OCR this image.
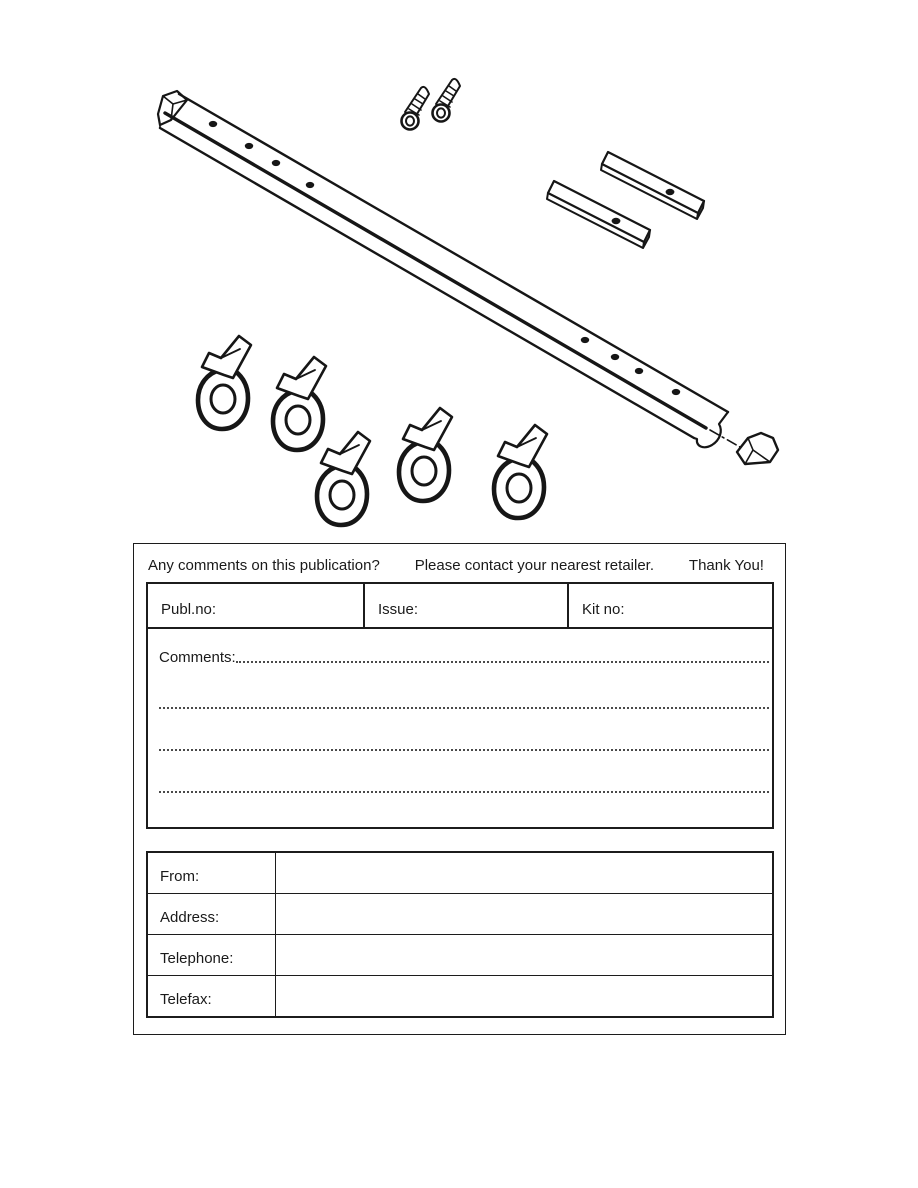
Any comments on this publication? Please contact your nearest retailer. Thank You!
Publ.no:	Issue:	Kit no:
Comments:
From:
Address:
Telephone:
Telefax:
